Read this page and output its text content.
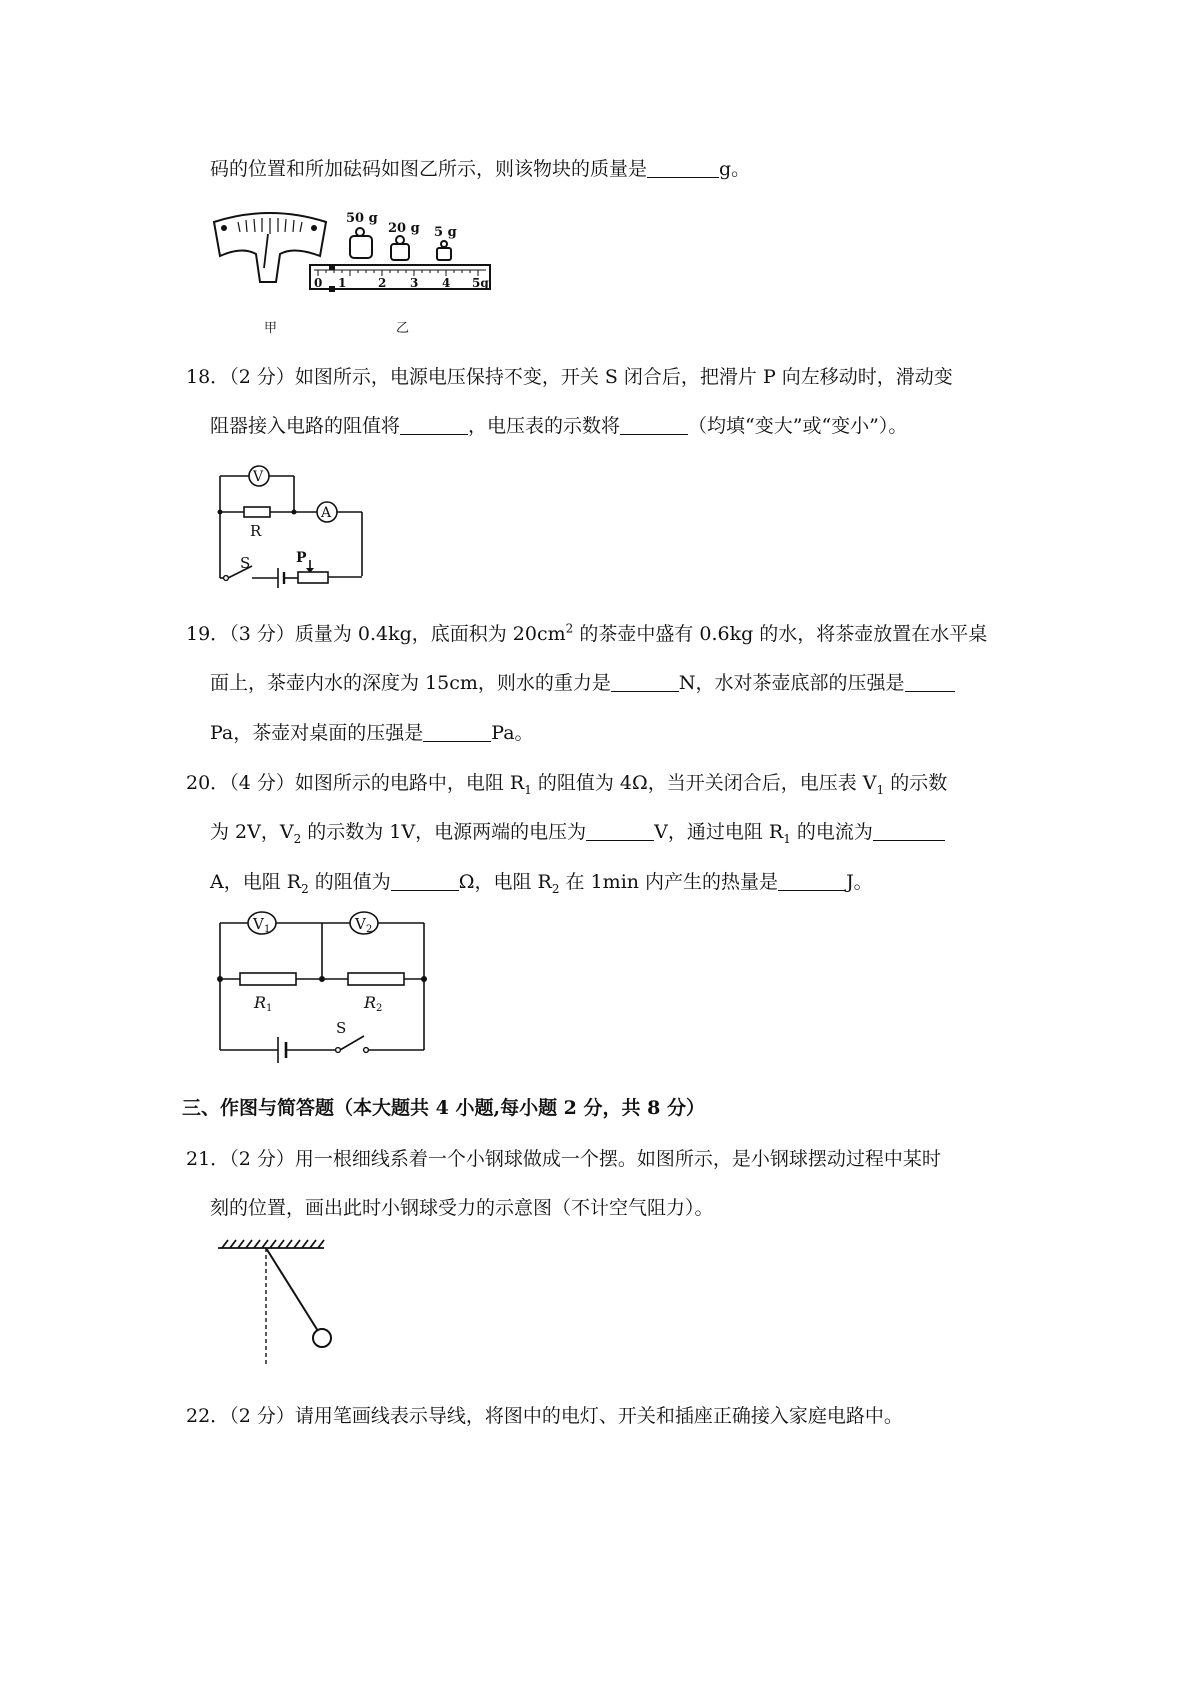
码的位置和所加砝码如图乙所示，则该物块的质量是	g。
甲
50 g
20 g 5 g
0 1	2 3 4 5g
乙
18．（2 分）如图所示，电源电压保持不变，开关 S 闭合后，把滑片 P 向左移动时，滑动变
阻器接入电路的阻值将	，电压表的示数将	（均填“变大”或“变小”）。
V
A
R
S	P
19．（3 分）质量为 0.4kg，底面积为 $20cm^2$ 的茶壶中盛有 0.6kg 的水，将茶壶放置在水平桌
面上，茶壶内水的深度为 15cm，则水的重力是	N，水对茶壶底部的压强是
Pa，茶壶对桌面的压强是	Pa。
20．（4 分）如图所示的电路中，电阻 $R_1$ 的阻值为 4Ω，当开关闭合后，电压表 $V_1$ 的示数
为 2V，$V_2$ 的示数为 1V，电源两端的电压为	V，通过电阻 $R_1$ 的电流为
A，电阻 $R_2$ 的阻值为	Ω，电阻 $R_2$ 在 1min 内产生的热量是	J。
V 1	V 2
R 1	R 2
S
三、作图与简答题（本大题共 4 小题,每小题 2 分，共 8 分）
21．（2 分）用一根细线系着一个小钢球做成一个摆。如图所示，是小钢球摆动过程中某时
刻的位置，画出此时小钢球受力的示意图（不计空气阻力）。
22．（2 分）请用笔画线表示导线，将图中的电灯、开关和插座正确接入家庭电路中。
